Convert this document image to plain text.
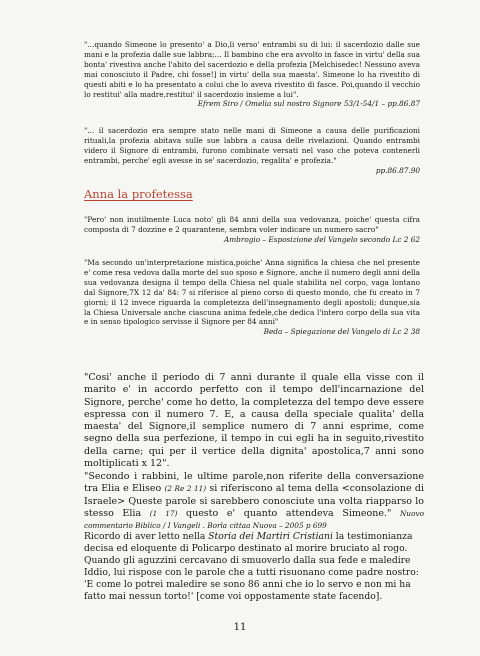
"...quando Simeone lo presento' a Dio,li verso' entrambi su di lui: il sacerdozio dalle sue mani e la profezia dalle sue labbra;... Il bambino che era avvolto in fasce in virtu' della sua bonta' rivestiva anche l'abito del sacerdozio e della profezia [Melchisedec! Nessuno aveva mai conosciuto il Padre, chi fosse!] in virtu' della sua maesta'. Simeone lo ha rivestito di questi abiti e lo ha presentato a colui che lo aveva rivestito di fasce. Poi,quando il vecchio lo restitui' alla madre,restitui' il sacerdozio insieme a lui".
Efrem Siro / Omelia sul nostro Signore 53/1-54/1 – pp.86.87
"... il sacerdozio era sempre stato nelle mani di Simeone a causa delle purificazioni rituali,la profezia abitava sulle sue labbra a causa delle rivelazioni. Quando entrambi videro il Signore di entrambi, furono combinate versati nel vaso che poteva contenerli entrambi, perche' egli avesse in se' sacerdozio, regalita' e profezia."
pp.86.87.90
Anna la profetessa
"Pero' non inutilmente Luca noto' gli 84 anni della sua vedovanza, poiche' questa cifra composta di 7 dozzine e 2 quarantene, sembra voler indicare un numero sacro"
Ambrogio – Esposizione del Vangelo secondo Lc 2 62
"Ma secondo un'interpretazione mistica,poiche' Anna significa la chiesa che nel presente e' come resa vedova dalla morte del suo sposo e Signore, anche il numero degli anni della sua vedovanza designa il tempo della Chiesa nel quale stabilita nel corpo, vaga lontano dal Signore,7X 12 da' 84: 7 si riferisce al pieno corso di questo mondo, che fu creato in 7 giorni; il 12 invece riguarda la completezza dell'insegnamento degli apostoli; dunque,sia la Chiesa Universale anche ciascuna anima fedele,che dedica l'intero corpo della sua vita e in senso tipologico servisse il Signore per 84 anni"
Beda – Spiegazione del Vangelo di Lc 2 38

"Cosi' anche il periodo di 7 anni durante il quale ella visse con il marito e' in accordo perfetto con il tempo dell'incarnazione del Signore, perche' come ho detto, la completezza del tempo deve essere espressa con il numero 7. E, a causa della speciale qualita' della maesta' del Signore,il semplice numero di 7 anni esprime, come segno della sua perfezione, il tempo in cui egli ha in seguito,rivestito della carne; qui per il vertice della dignita' apostolica,7 anni sono moltiplicati x 12".

"Secondo i rabbini, le ultime parole,non riferite della conversazione tra Elia e Eliseo (2 Re 2 11) si riferiscono al tema della <consolazione di Israele> Queste parole si sarebbero conosciute una volta riapparso lo stesso Elia (1 17) questo e' quanto attendeva Simeone." Nuovo commentario Biblico / I Vangeli . Borla cittaa Nuova – 2005 p 699

Ricordo di aver letto nella Storia dei Martiri Cristiani la testimonianza decisa ed eloquente di Policarpo destinato al morire bruciato al rogo. Quando gli aguzzini cercavano di smuoverlo dalla sua fede e maledire Iddio, lui rispose con le parole che a tutti risuonano come padre nostro:
'E come lo potrei maledire se sono 86 anni che io lo servo e non mi ha fatto mai nessun torto!' [come voi oppostamente state facendo].
11
